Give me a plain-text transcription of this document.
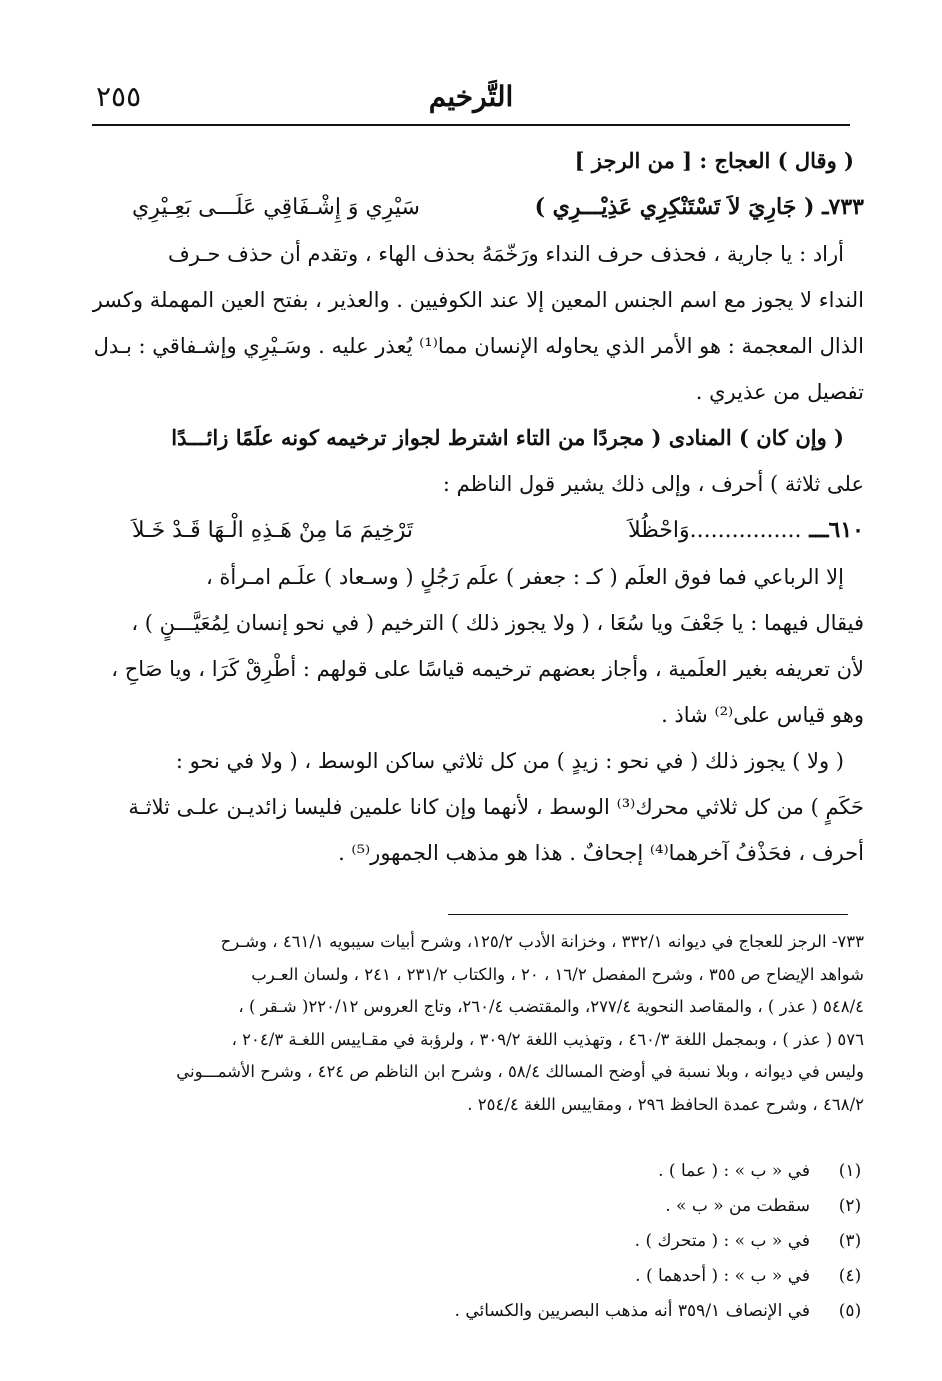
التَّرخيم
٢٥٥
( وقال ) العجاج : [ من الرجز ]
٧٣٣ـ ( جَارِيَ لاَ تَسْتَنْكِرِي عَذِيْـــرِي )
سَيْرِي وَ إِشْـفَاقِي عَلَـــى بَعِـيْرِي
أراد : يا جارية ، فحذف حرف النداء ورَخّمَهُ بحذف الهاء ، وتقدم أن حذف حـرف
النداء لا يجوز مع اسم الجنس المعين إلا عند الكوفيين . والعذير ، بفتح العين المهملة وكسر
الذال المعجمة : هو الأمر الذي يحاوله الإنسان مما⁽¹⁾ يُعذر عليه . وسَـيْرِي وإشـفاقي : بـدل
تفصيل من عذيري .
( وإن كان ) المنادى ( مجردًا من التاء اشترط لجواز ترخيمه كونه علَمًا زائـــدًا
على ثلاثة ) أحرف ، وإلى ذلك يشير قول الناظم :
٦١٠ـــ ................وَاحْظُلاَ
تَرْخِيمَ مَا مِنْ هَـذِهِ الْـهَا قَـدْ خَـلاَ
إلا الرباعي فما فوق العلَم ( كـ : جعفر ) علَم رَجُلٍ ( وسـعاد ) علَـم امـرأة ،
فيقال فيهما : يا جَعْفَ ويا سُعَا ، ( ولا يجوز ذلك ) الترخيم ( في نحو إنسان لِمُعَيَّـــنٍ ) ،
لأن تعريفه بغير العلَمية ، وأجاز بعضهم ترخيمه قياسًا على قولهم : أطْرِقْ كَرَا ، ويا صَاحِ ،
وهو قياس على⁽²⁾ شاذ .
( ولا ) يجوز ذلك ( في نحو : زيدٍ ) من كل ثلاثي ساكن الوسط ، ( ولا في نحو :
حَكَمٍ ) من كل ثلاثي محرك⁽³⁾ الوسط ، لأنهما وإن كانا علمين فليسا زائديـن علـى ثلاثـة
أحرف ، فحَذْفُ آخرهما⁽⁴⁾ إجحافٌ . هذا هو مذهب الجمهور⁽⁵⁾ .
٧٣٣- الرجز للعجاج في ديوانه ٣٣٢/١ ، وخزانة الأدب ١٢٥/٢، وشرح أبيات سيبويه ٤٦١/١ ، وشـرح
شواهد الإيضاح ص ٣٥٥ ، وشرح المفصل ١٦/٢ ، ٢٠ ، والكتاب ٢٣١/٢ ، ٢٤١ ، ولسان العـرب
٥٤٨/٤ ( عذر ) ، والمقاصد النحوية ٢٧٧/٤، والمقتضب ٢٦٠/٤، وتاج العروس ٢٢٠/١٢( شـقر ) ،
٥٧٦ ( عذر ) ، وبمجمل اللغة ٤٦٠/٣ ، وتهذيب اللغة ٣٠٩/٢ ، ولرؤبة في مقـاييس اللغـة ٢٠٤/٣ ،
وليس في ديوانه ، وبلا نسبة في أوضح المسالك ٥٨/٤ ، وشرح ابن الناظم ص ٤٢٤ ، وشرح الأشمـــوني
٤٦٨/٢ ، وشرح عمدة الحافظ ٢٩٦ ، ومقاييس اللغة ٢٥٤/٤ .
(١)
في « ب » : ( عما ) .
(٢)
سقطت من « ب » .
(٣)
في « ب » : ( متحرك ) .
(٤)
في « ب » : ( أحدهما ) .
(٥)
في الإنصاف ٣٥٩/١ أنه مذهب البصريين والكسائي .
